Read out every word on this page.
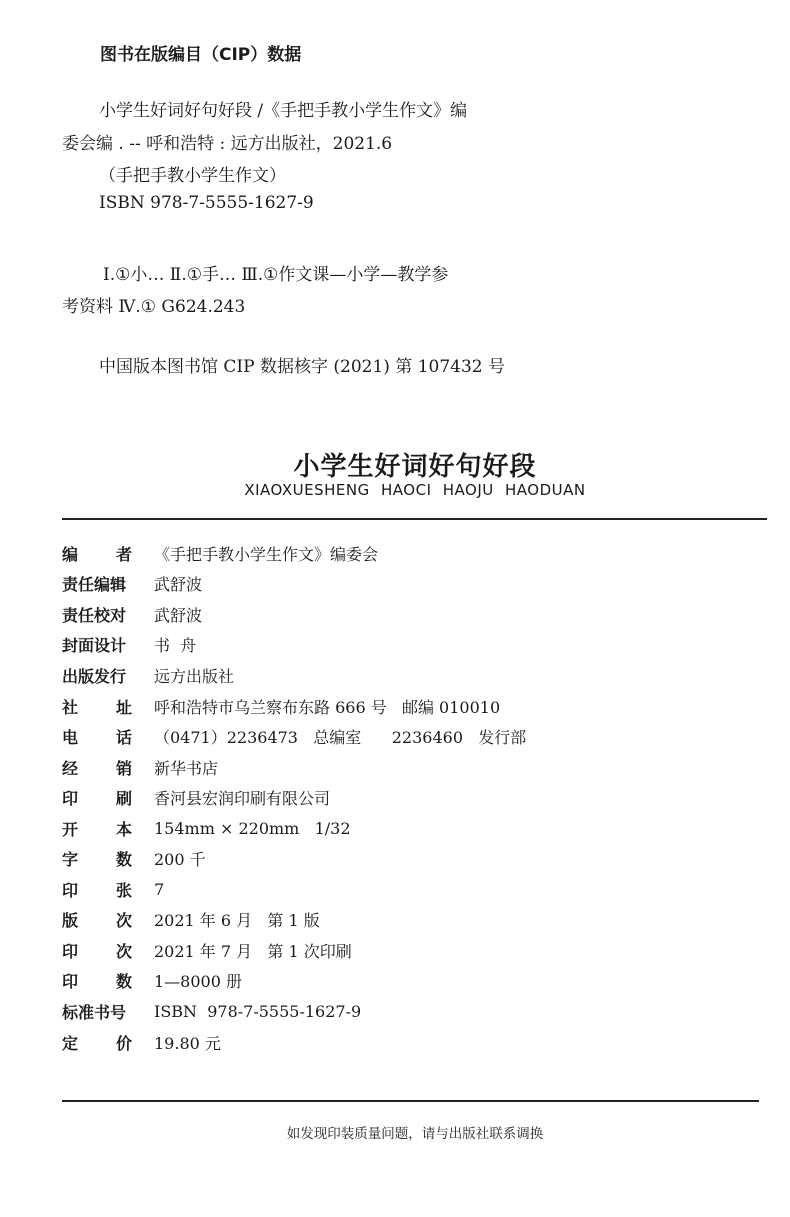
图书在版编目（CIP）数据
小学生好词好句好段 /《手把手教小学生作文》编
委会编 . -- 呼和浩特 : 远方出版社，2021.6
（手把手教小学生作文）
ISBN 978-7-5555-1627-9
Ⅰ.①小… Ⅱ.①手… Ⅲ.①作文课—小学—教学参
考资料 Ⅳ.① G624.243
中国版本图书馆 CIP 数据核字 (2021) 第 107432 号
小学生好词好句好段
XIAOXUESHENG HAOCI HAOJU HAODUAN
编 者 《手把手教小学生作文》编委会
责任编辑	武舒波
责任校对	武舒波
封面设计	书  舟
出版发行	远方出版社
社 址 呼和浩特市乌兰察布东路 666 号   邮编 010010
电 话 （0471）2236473   总编室      2236460   发行部
经 销 新华书店
印 刷 香河县宏润印刷有限公司
开 本 154mm × 220mm   1/32
字 数 200 千
印 张 7
版 次 2021 年 6 月   第 1 版
印 次 2021 年 7 月   第 1 次印刷
印 数 1—8000 册
标准书号	ISBN  978-7-5555-1627-9
定 价 19.80 元
如发现印装质量问题，请与出版社联系调换
